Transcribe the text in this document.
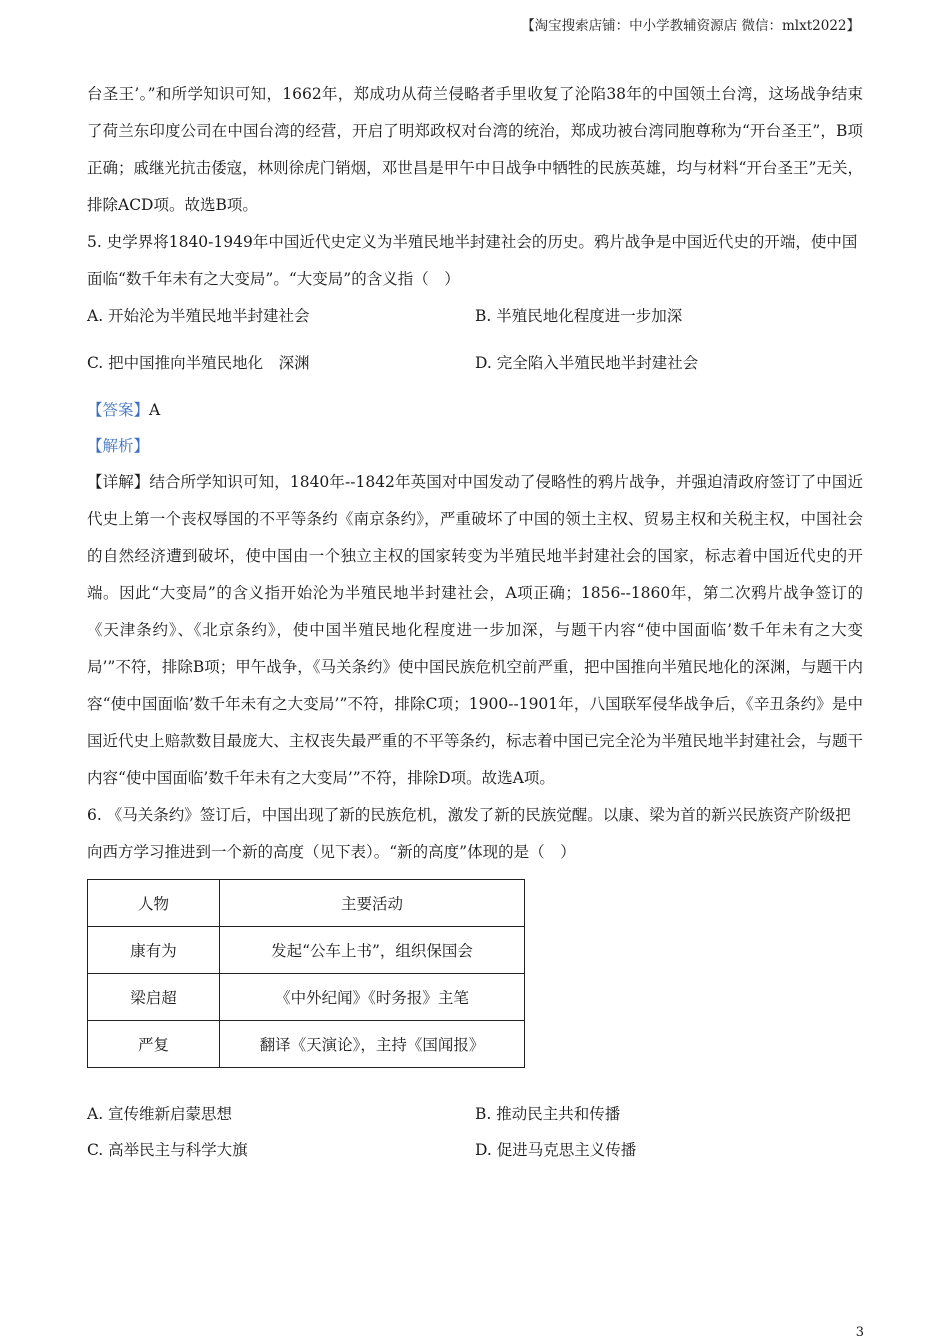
【淘宝搜索店铺：中小学教辅资源店 微信：mlxt2022】

台圣王’。”和所学知识可知，1662年，郑成功从荷兰侵略者手里收复了沦陷38年的中国领土台湾，这场战争结束了荷兰东印度公司在中国台湾的经营，开启了明郑政权对台湾的统治，郑成功被台湾同胞尊称为“开台圣王”，B项正确；戚继光抗击倭寇，林则徐虎门销烟，邓世昌是甲午中日战争中牺牲的民族英雄，均与材料“开台圣王”无关，排除ACD项。故选B项。

5. 史学界将1840-1949年中国近代史定义为半殖民地半封建社会的历史。鸦片战争是中国近代史的开端，使中国面临“数千年未有之大变局”。“大变局”的含义指（　）

A. 开始沦为半殖民地半封建社会	B. 半殖民地化程度进一步加深
C. 把中国推向半殖民地化　深渊	D. 完全陷入半殖民地半封建社会
【答案】A
【解析】

【详解】结合所学知识可知，1840年--1842年英国对中国发动了侵略性的鸦片战争，并强迫清政府签订了中国近代史上第一个丧权辱国的不平等条约《南京条约》，严重破坏了中国的领土主权、贸易主权和关税主权，中国社会的自然经济遭到破坏，使中国由一个独立主权的国家转变为半殖民地半封建社会的国家，标志着中国近代史的开端。因此“大变局”的含义指开始沦为半殖民地半封建社会，A项正确；1856--1860年，第二次鸦片战争签订的《天津条约》、《北京条约》，使中国半殖民地化程度进一步加深，与题干内容“使中国面临’数千年未有之大变局’”不符，排除B项；甲午战争，《马关条约》使中国民族危机空前严重，把中国推向半殖民地化的深渊，与题干内容“使中国面临’数千年未有之大变局’”不符，排除C项；1900--1901年，八国联军侵华战争后，《辛丑条约》是中国近代史上赔款数目最庞大、主权丧失最严重的不平等条约，标志着中国已完全沦为半殖民地半封建社会，与题干内容“使中国面临’数千年未有之大变局’”不符，排除D项。故选A项。

6. 《马关条约》签订后，中国出现了新的民族危机，激发了新的民族觉醒。以康、梁为首的新兴民族资产阶级把向西方学习推进到一个新的高度（见下表）。“新的高度”体现的是（　）

人物	主要活动
康有为	发起“公车上书”，组织保国会
梁启超	《中外纪闻》《时务报》主笔
严复	翻译《天演论》，主持《国闻报》
A. 宣传维新启蒙思想	B. 推动民主共和传播
C. 高举民主与科学大旗	D. 促进马克思主义传播
3
